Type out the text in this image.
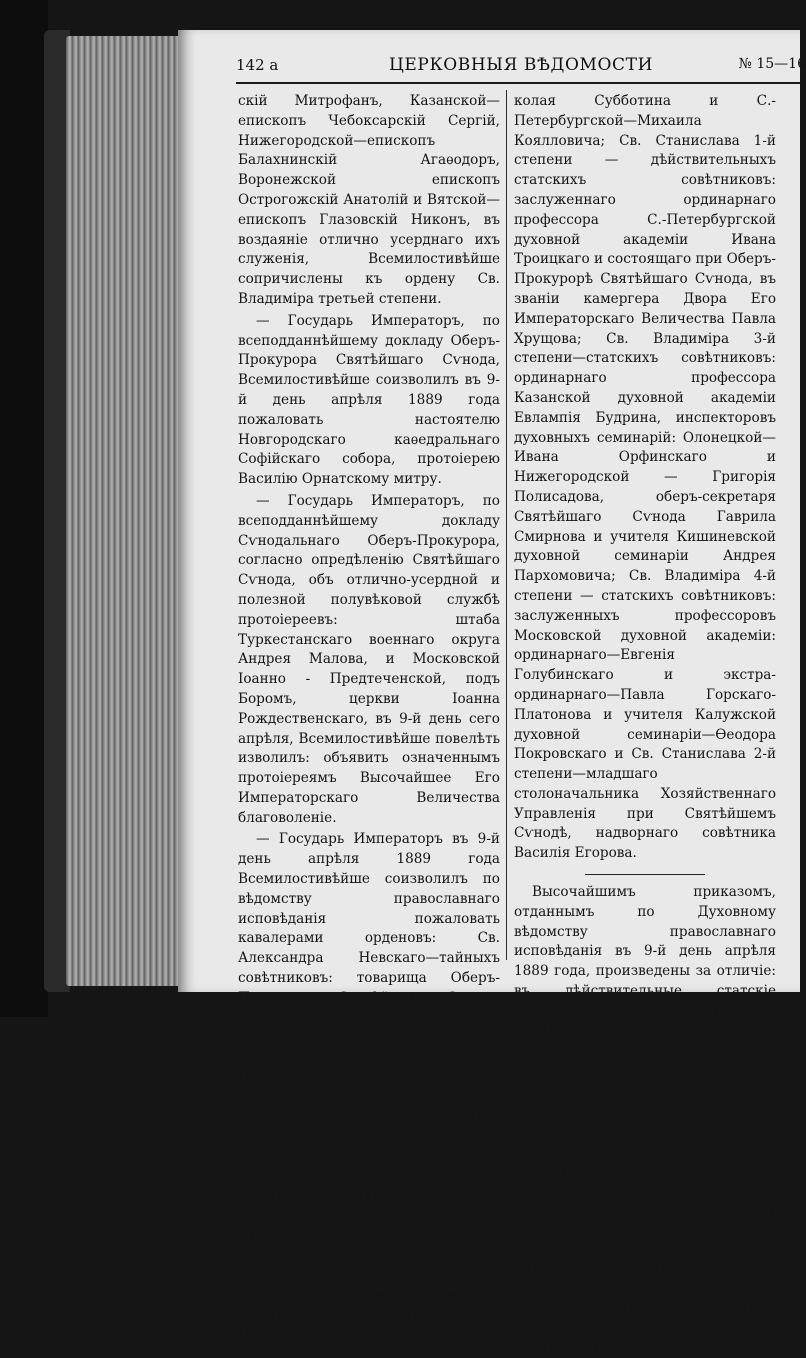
142 а	ЦЕРКОВНЫЯ ВѢДОМОСТИ	№ 15—16

скій Митрофанъ, Казанской—епископъ Чебоксарскій Сергій, Нижегородской—епископъ Балахнинскій Агаѳодоръ, Воронежской епископъ Острогожскій Анатолій и Вятской—епископъ Глазовскій Никонъ, въ воздаяніе отлично усерднаго ихъ служенія, Всемилостивѣйше сопричислены къ ордену Св. Владиміра третьей степени.

— Государь Императоръ, по всеподданнѣйшему докладу Оберъ-Прокурора Святѣйшаго Сѵнода, Всемилостивѣйше соизволилъ въ 9-й день апрѣля 1889 года пожаловать настоятелю Новгородскаго каѳедральнаго Софійскаго собора, протоіерею Василію Орнатскому митру.

— Государь Императоръ, по всеподданнѣйшему докладу Сѵнодальнаго Оберъ-Прокурора, согласно опредѣленію Святѣйшаго Сѵнода, объ отлично-усердной и полезной полувѣковой службѣ протоіереевъ: штаба Туркестанскаго военнаго округа Андрея Малова, и Московской Іоанно - Предтеченской, подъ Боромъ, церкви Іоанна Рождественскаго, въ 9-й день сего апрѣля, Всемилостивѣйше повелѣть изволилъ: объявить означеннымъ протоіереямъ Высочайшее Его Императорскаго Величества благоволеніе.

— Государь Императоръ въ 9-й день апрѣля 1889 года Всемилостивѣйше соизволилъ по вѣдомству православнаго исповѣданія пожаловать кавалерами орденовъ: Св. Александра Невскаго—тайныхъ совѣтниковъ: товарища Оберъ-Прокурора Святѣйшаго Сѵнода Николая Смирнова и директора канцеляріи Оберъ-Прокурора Святѣйшаго Сѵнода Ивана Ненарокомова; Бѣлаго Орла — управляющаго контролемъ при Святѣйшемъ Сѵнодѣ, тайнаго совѣтника Иларіона Чистовича; Св. Анны 1-й степени — дѣйствительныхъ статскихъ совѣтниковъ: члена и правителя дѣлъ Учебнаго Комитета при Святѣйшемъ Сѵнодѣ Александра Добрякова, заслуженныхъ ординарныхъ профессоровъ духовныхъ академій: Кіевской—Дмитрія Поспѣхова, Московской—Ни-

колая Субботина и С.-Петербургской—Михаила Коялловича; Св. Станислава 1-й степени — дѣйствительныхъ статскихъ совѣтниковъ: заслуженнаго ординарнаго профессора С.-Петербургской духовной академіи Ивана Троицкаго и состоящаго при Оберъ-Прокурорѣ Святѣйшаго Сѵнода, въ званіи камергера Двора Его Императорскаго Величества Павла Хрущова; Св. Владиміра 3-й степени—статскихъ совѣтниковъ: ординарнаго профессора Казанской духовной академіи Евлампія Будрина, инспекторовъ духовныхъ семинарій: Олонецкой—Ивана Орфинскаго и Нижегородской — Григорія Полисадова, оберъ-секретаря Святѣйшаго Сѵнода Гаврила Смирнова и учителя Кишиневской духовной семинаріи Андрея Пархомовича; Св. Владиміра 4-й степени — статскихъ совѣтниковъ: заслуженныхъ профессоровъ Московской духовной академіи: ординарнаго—Евгенія Голубинскаго и экстра-ординарнаго—Павла Горскаго-Платонова и учителя Калужской духовной семинаріи—Ѳеодора Покровскаго и Св. Станислава 2-й степени—младшаго столоначальника Хозяйственнаго Управленія при Святѣйшемъ Сѵнодѣ, надворнаго совѣтника Василія Егорова.

Высочайшимъ приказомъ, отданнымъ по Духовному вѣдомству православнаго исповѣданія въ 9-й день апрѣля 1889 года, произведены за отличіе: въ дѣйствительные статскіе совѣтники, статскіе совѣтники: членъ Учебнаго Комитета при Святѣйшемъ Сѵнодѣ, посылаемый на ревизіи духовно-учебныхъ заведеній, Петръ Нечаевъ, исправляющій должность ординарнаго профессора С.-Петербургской духовной академіи Николай Барсовъ, экстраординарный профессоръ той-же академіи, оберъ-секретарь Святѣйшаго Сѵнода Тимоѳей Барсовъ, оберъ-секретарь Святѣйшаго Сѵнода Алексѣй Полонскій и врачъ при Петрозаводскомъ духовномъ училищѣ, исправляющій должность инспектора врачебнаго от-
